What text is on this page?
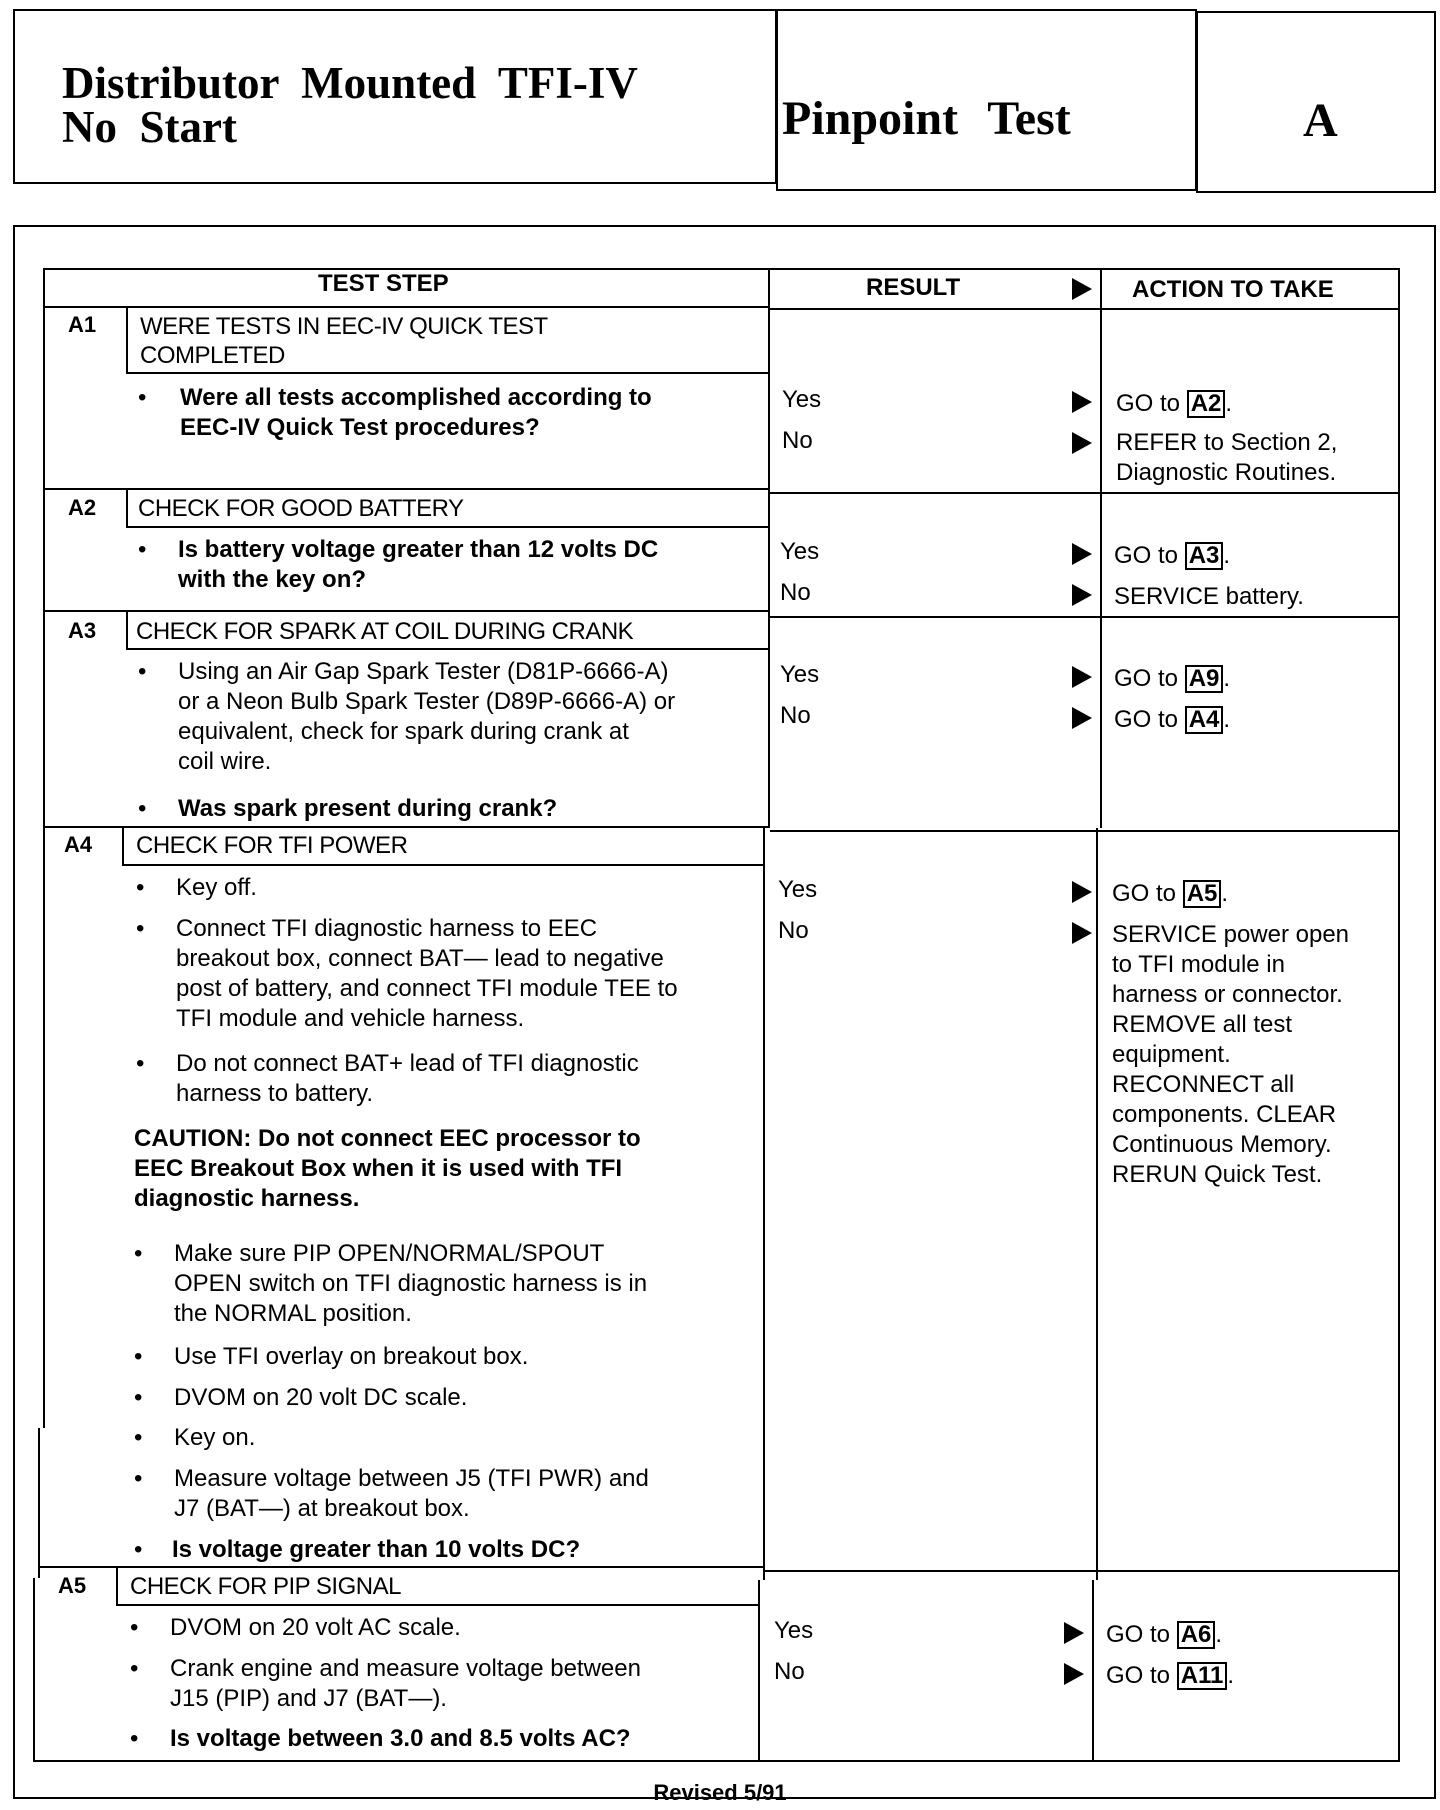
Distributor  Mounted  TFI-IV
No  Start	Pinpoint Test	A
TEST STEP	RESULT	ACTION TO TAKE
A1 WERE TESTS IN EEC-IV QUICK TEST
COMPLETED
• Were all tests accomplished according to
EEC-IV Quick Test procedures?
Yes	GO to A2 .
No	REFER to Section 2,
Diagnostic Routines.
A2 CHECK FOR GOOD BATTERY
• Is battery voltage greater than 12 volts DC
with the key on?
Yes	GO to A3 .
No	SERVICE battery.
A3 CHECK FOR SPARK AT COIL DURING CRANK
• Using an Air Gap Spark Tester (D81P-6666-A)
or a Neon Bulb Spark Tester (D89P-6666-A) or
equivalent, check for spark during crank at
coil wire.
• Was spark present during crank?
Yes	GO to A9 .
No	GO to A4 .
A4 CHECK FOR TFI POWER
• Key off.
• Connect TFI diagnostic harness to EEC
breakout box, connect BAT— lead to negative
post of battery, and connect TFI module TEE to
TFI module and vehicle harness.
• Do not connect BAT+ lead of TFI diagnostic
harness to battery.
CAUTION: Do not connect EEC processor to
EEC Breakout Box when it is used with TFI
diagnostic harness.
• Make sure PIP OPEN/NORMAL/SPOUT
OPEN switch on TFI diagnostic harness is in
the NORMAL position.
• Use TFI overlay on breakout box.
• DVOM on 20 volt DC scale.
• Key on.
• Measure voltage between J5 (TFI PWR) and
J7 (BAT—) at breakout box.
• Is voltage greater than 10 volts DC?
Yes	GO to A5 .
No	SERVICE power open
to TFI module in
harness or connector.
REMOVE all test
equipment.
RECONNECT all
components. CLEAR
Continuous Memory.
RERUN Quick Test.
A5 CHECK FOR PIP SIGNAL
• DVOM on 20 volt AC scale.
• Crank engine and measure voltage between
J15 (PIP) and J7 (BAT—).
• Is voltage between 3.0 and 8.5 volts AC?
Yes	GO to A6 .
No	GO to A11 .
Revised 5/91
